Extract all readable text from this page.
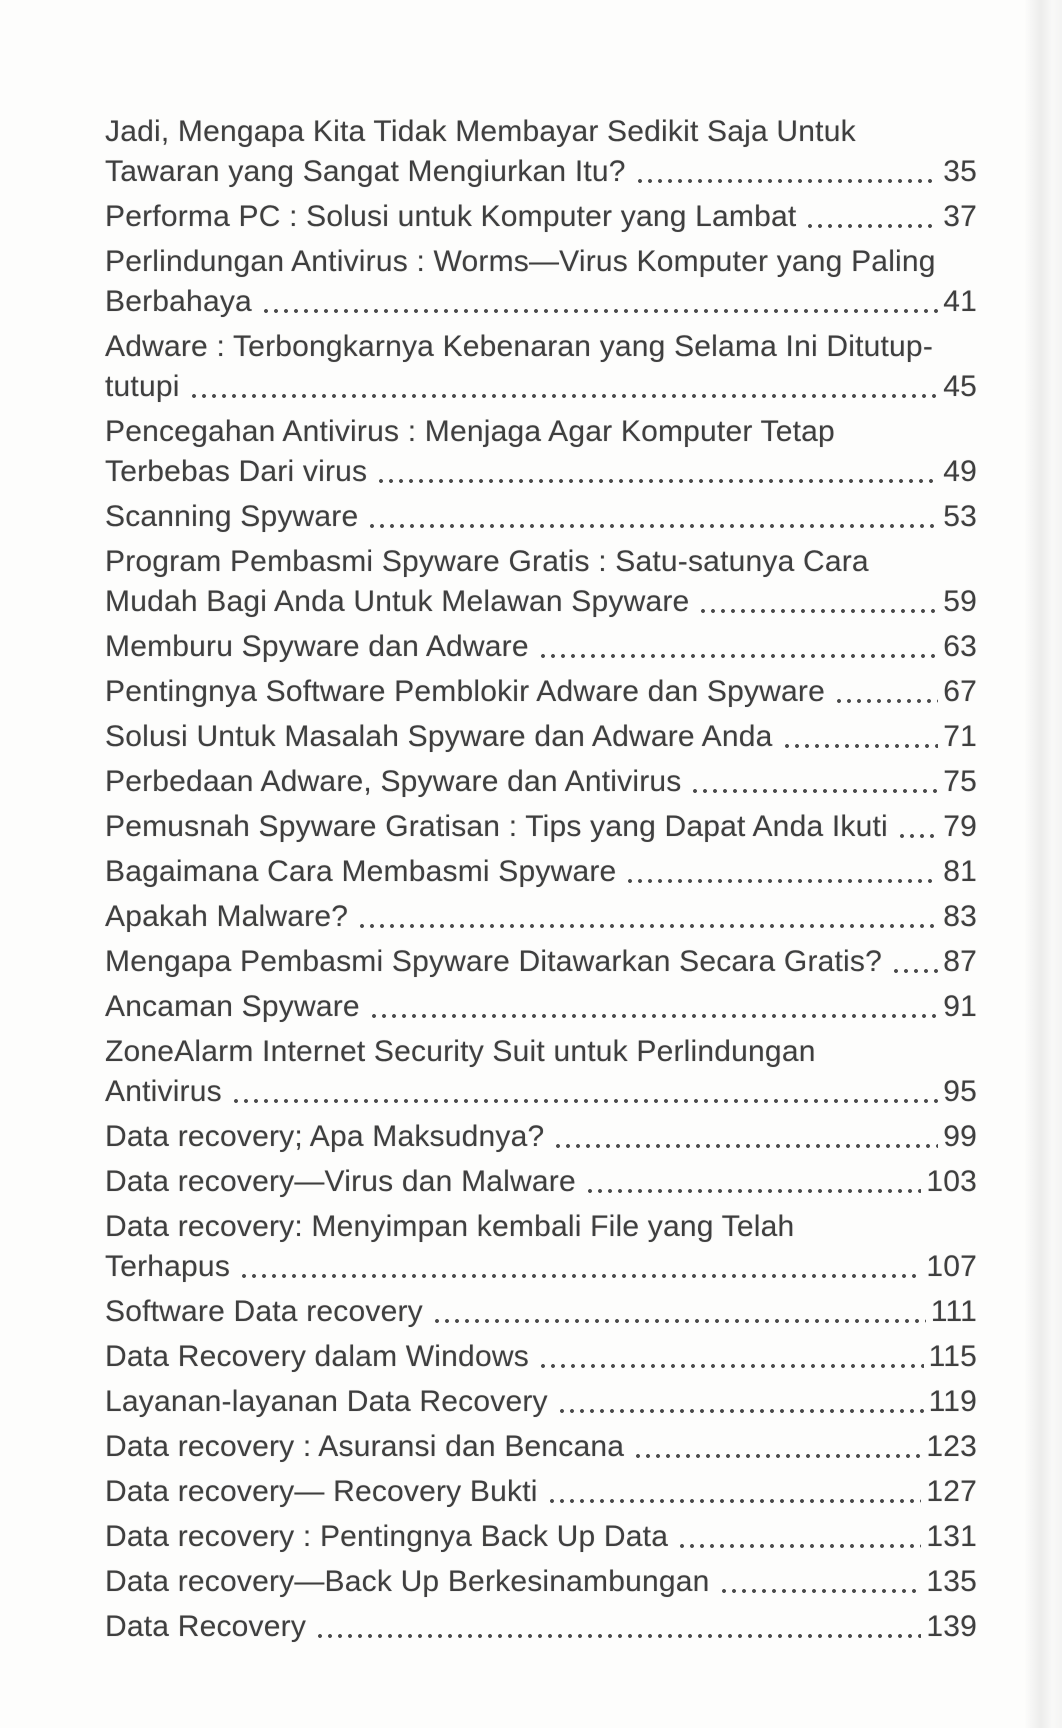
Jadi, Mengapa Kita Tidak Membayar Sedikit Saja Untuk
Tawaran yang Sangat Mengiurkan Itu?	35
Performa PC : Solusi untuk Komputer yang Lambat	37
Perlindungan Antivirus : Worms—Virus Komputer yang Paling
Berbahaya	41
Adware : Terbongkarnya Kebenaran yang Selama Ini Ditutup-
tutupi	45
Pencegahan Antivirus : Menjaga Agar Komputer Tetap
Terbebas Dari virus	49
Scanning Spyware	53
Program Pembasmi Spyware Gratis : Satu-satunya Cara
Mudah Bagi Anda Untuk Melawan Spyware	59
Memburu Spyware dan Adware	63
Pentingnya Software Pemblokir Adware dan Spyware	67
Solusi Untuk Masalah Spyware dan Adware Anda	71
Perbedaan Adware, Spyware dan Antivirus	75
Pemusnah Spyware Gratisan : Tips yang Dapat Anda Ikuti 79
Bagaimana Cara Membasmi Spyware	81
Apakah Malware?	83
Mengapa Pembasmi Spyware Ditawarkan Secara Gratis? 87
Ancaman Spyware	91
ZoneAlarm Internet Security Suit untuk Perlindungan
Antivirus	95
Data recovery; Apa Maksudnya?	99
Data recovery—Virus dan Malware	103
Data recovery: Menyimpan kembali File yang Telah
Terhapus	107
Software Data recovery	111
Data Recovery dalam Windows	115
Layanan-layanan Data Recovery	119
Data recovery : Asuransi dan Bencana	123
Data recovery— Recovery Bukti	127
Data recovery : Pentingnya Back Up Data	131
Data recovery—Back Up Berkesinambungan	135
Data Recovery	139
